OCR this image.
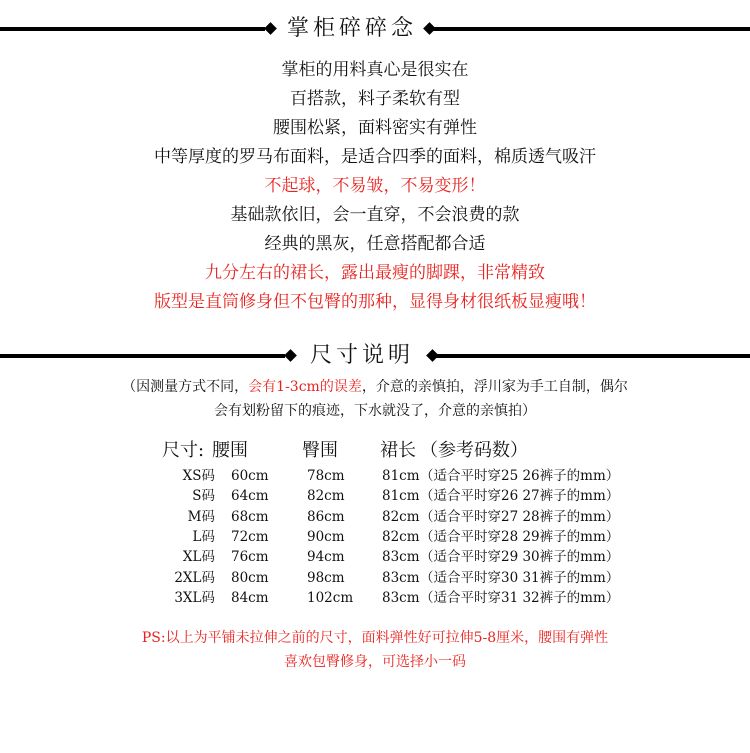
掌柜碎碎念
掌柜的用料真心是很实在
百搭款，料子柔软有型
腰围松紧，面料密实有弹性
中等厚度的罗马布面料，是适合四季的面料，棉质透气吸汗
不起球，不易皱，不易变形！
基础款依旧，会一直穿，不会浪费的款
经典的黑灰，任意搭配都合适
九分左右的裙长，露出最瘦的脚踝，非常精致
版型是直筒修身但不包臀的那种，显得身材很纸板显瘦哦！
尺寸说明
（因测量方式不同，会有1-3cm的误差，介意的亲慎拍，浮川家为手工自制，偶尔
会有划粉留下的痕迹，下水就没了，介意的亲慎拍）
尺寸: 腰围	臀围 裙长 （参考码数）
XS码 60cm	78cm	81cm （适合平时穿25 26裤子的mm）
S码 64cm	82cm	81cm （适合平时穿26 27裤子的mm）
M码 68cm	86cm	82cm （适合平时穿27 28裤子的mm）
L码 72cm	90cm	82cm （适合平时穿28 29裤子的mm）
XL码 76cm	94cm	83cm （适合平时穿29 30裤子的mm）
2XL码 80cm	98cm	83cm （适合平时穿30 31裤子的mm）
3XL码 84cm	102cm 83cm （适合平时穿31 32裤子的mm）
PS:以上为平铺未拉伸之前的尺寸，面料弹性好可拉伸5-8厘米，腰围有弹性
喜欢包臀修身，可选择小一码
